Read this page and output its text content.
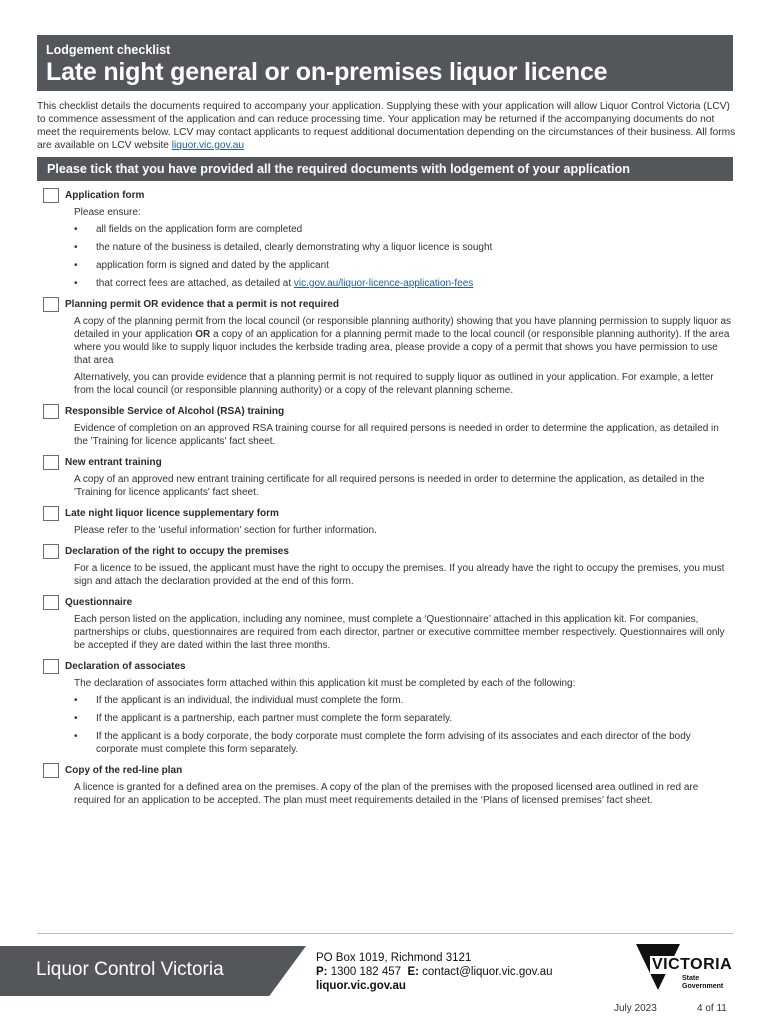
Lodgement checklist
Late night general or on-premises liquor licence
This checklist details the documents required to accompany your application. Supplying these with your application will allow Liquor Control Victoria (LCV) to commence assessment of the application and can reduce processing time. Your application may be returned if the accompanying documents do not meet the requirements below. LCV may contact applicants to request additional documentation depending on the circumstances of their business. All forms are available on LCV website liquor.vic.gov.au
Please tick that you have provided all the required documents with lodgement of your application
Application form

Please ensure:

• all fields on the application form are completed
• the nature of the business is detailed, clearly demonstrating why a liquor licence is sought
• application form is signed and dated by the applicant
• that correct fees are attached, as detailed at vic.gov.au/liquor-licence-application-fees
Planning permit OR evidence that a permit is not required

A copy of the planning permit from the local council (or responsible planning authority) showing that you have planning permission to supply liquor as detailed in your application OR a copy of an application for a planning permit made to the local council (or responsible planning authority). If the area where you would like to supply liquor includes the kerbside trading area, please provide a copy of a permit that shows you have permission to use that area

Alternatively, you can provide evidence that a planning permit is not required to supply liquor as outlined in your application. For example, a letter from the local council (or responsible planning authority) or a copy of the relevant planning scheme.

Responsible Service of Alcohol (RSA) training

Evidence of completion on an approved RSA training course for all required persons is needed in order to determine the application, as detailed in the 'Training for licence applicants' fact sheet.

New entrant training

A copy of an approved new entrant training certificate for all required persons is needed in order to determine the application, as detailed in the 'Training for licence applicants' fact sheet.

Late night liquor licence supplementary form

Please refer to the 'useful information' section for further information.

Declaration of the right to occupy the premises

For a licence to be issued, the applicant must have the right to occupy the premises. If you already have the right to occupy the premises, you must sign and attach the declaration provided at the end of this form.

Questionnaire

Each person listed on the application, including any nominee, must complete a ‘Questionnaire’ attached in this application kit. For companies, partnerships or clubs, questionnaires are required from each director, partner or executive committee member respectively. Questionnaires will only be accepted if they are dated within the last three months.

Declaration of associates

The declaration of associates form attached within this application kit must be completed by each of the following:

• If the applicant is an individual, the individual must complete the form.
• If the applicant is a partnership, each partner must complete the form separately.
• If the applicant is a body corporate, the body corporate must complete the form advising of its associates and each director of the body corporate must complete this form separately.
Copy of the red-line plan

A licence is granted for a defined area on the premises. A copy of the plan of the premises with the proposed licensed area outlined in red are required for an application to be accepted. The plan must meet requirements detailed in the ‘Plans of licensed premises’ fact sheet.

Liquor Control Victoria
PO Box 1019, Richmond 3121
P: 1300 182 457 E: contact@liquor.vic.gov.au
liquor.vic.gov.au
VICTORIA
State
Government
July 2023	4 of 11
